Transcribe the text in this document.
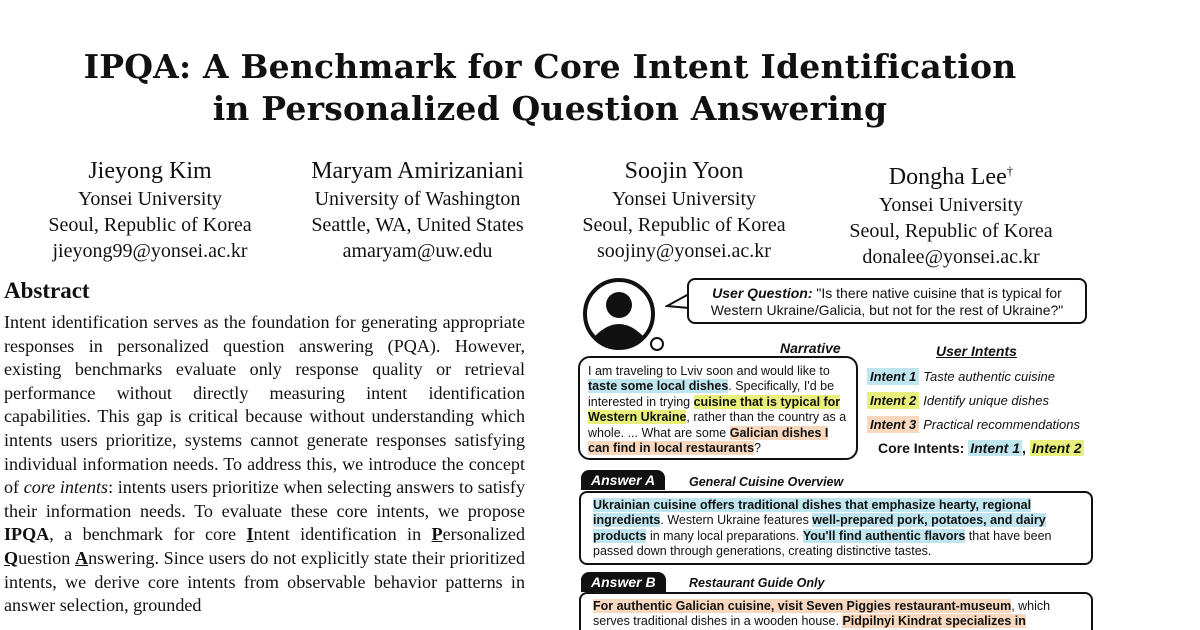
IPQA: A Benchmark for Core Intent Identification
in Personalized Question Answering
Jieyong Kim
Yonsei University
Seoul, Republic of Korea
jieyong99@yonsei.ac.kr
Maryam Amirizaniani
University of Washington
Seattle, WA, United States
amaryam@uw.edu
Soojin Yoon
Yonsei University
Seoul, Republic of Korea
soojiny@yonsei.ac.kr
Dongha Lee†
Yonsei University
Seoul, Republic of Korea
donalee@yonsei.ac.kr
Abstract
Intent identification serves as the foundation for generating appropriate responses in personalized question answering (PQA). However, existing benchmarks evaluate only response quality or retrieval performance without directly measuring intent identification capabilities. This gap is critical because without understanding which intents users prioritize, systems cannot generate responses satisfying individual information needs. To address this, we introduce the concept of core intents: intents users prioritize when selecting answers to satisfy their information needs. To evaluate these core intents, we propose IPQA, a benchmark for core Intent identification in Personalized Question Answering. Since users do not explicitly state their prioritized intents, we derive core intents from observable behavior patterns in answer selection, grounded
User Question: "Is there native cuisine that is typical for Western Ukraine/Galicia, but not for the rest of Ukraine?"
Narrative
I am traveling to Lviv soon and would like to taste some local dishes. Specifically, I'd be interested in trying cuisine that is typical for Western Ukraine, rather than the country as a whole. ... What are some Galician dishes I can find in local restaurants?
User Intents
Intent 1 Taste authentic cuisine
Intent 2 Identify unique dishes
Intent 3 Practical recommendations
Core Intents: Intent 1 , Intent 2
Answer A	General Cuisine Overview
Ukrainian cuisine offers traditional dishes that emphasize hearty, regional ingredients. Western Ukraine features well-prepared pork, potatoes, and dairy products in many local preparations. You'll find authentic flavors that have been passed down through generations, creating distinctive tastes.
Answer B	Restaurant Guide Only
For authentic Galician cuisine, visit Seven Piggies restaurant-museum, which serves traditional dishes in a wooden house. Pidpilnyi Kindrat specializes in
